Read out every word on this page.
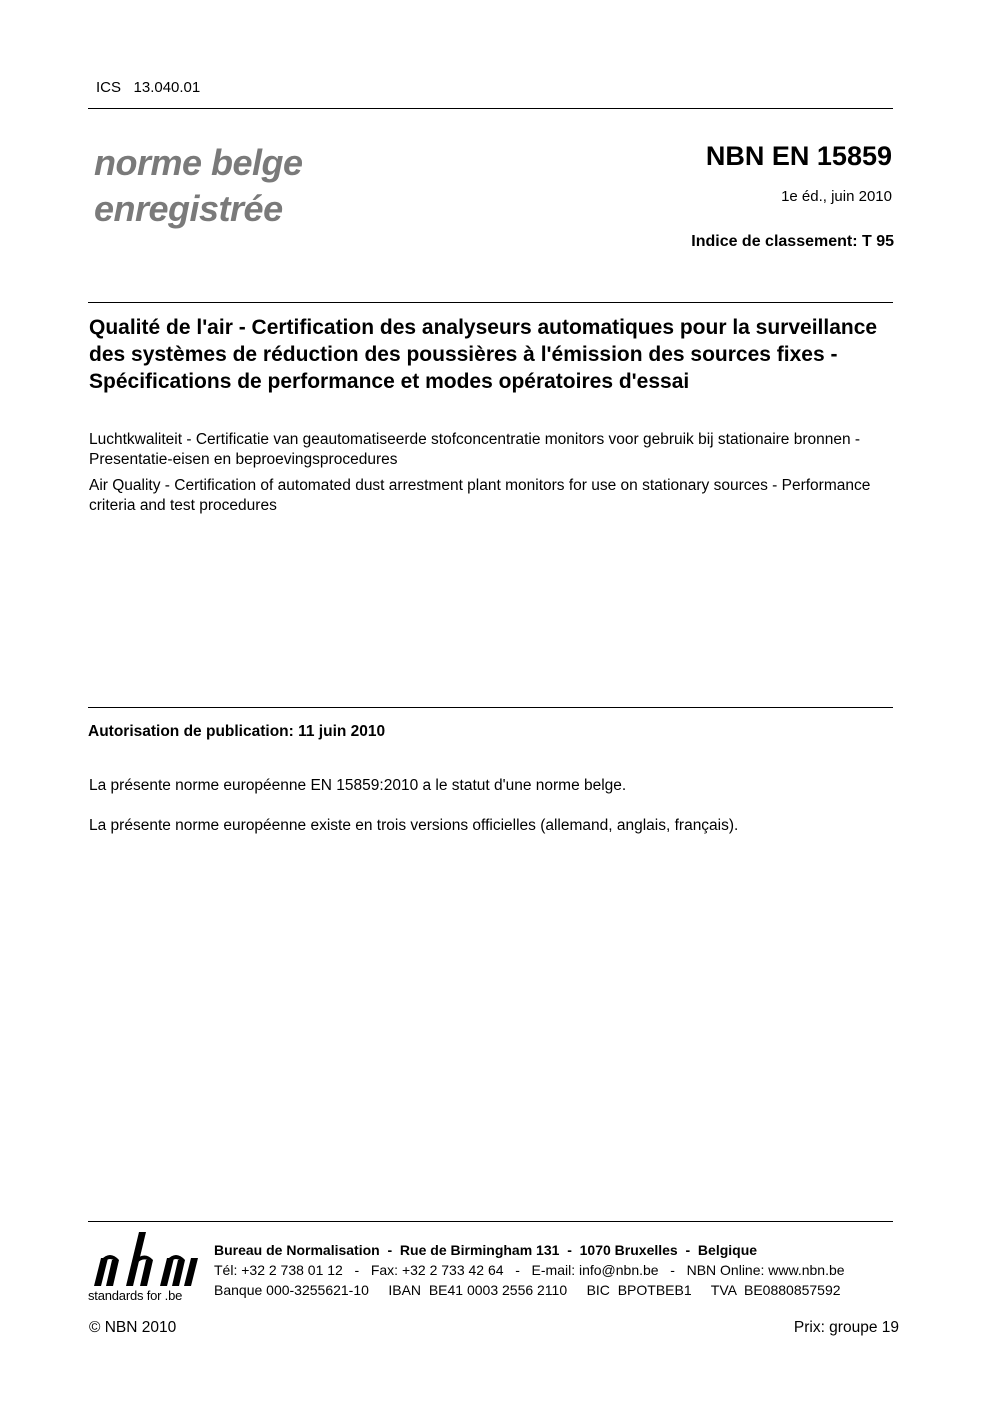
ICS   13.040.01
norme belge
enregistrée
NBN EN 15859
1e éd., juin 2010
Indice de classement: T 95
Qualité de l'air - Certification des analyseurs automatiques pour la surveillance des systèmes de réduction des poussières à l'émission des sources fixes - Spécifications de performance et modes opératoires d'essai
Luchtkwaliteit - Certificatie van geautomatiseerde stofconcentratie monitors voor gebruik bij stationaire bronnen - Presentatie-eisen en beproevingsprocedures
Air Quality - Certification of automated dust arrestment plant monitors for use on stationary sources - Performance criteria and test procedures
Autorisation de publication: 11 juin 2010
La présente norme européenne EN 15859:2010 a le statut d'une norme belge.
La présente norme européenne existe en trois versions officielles (allemand, anglais, français).
standards for .be
Bureau de Normalisation  -  Rue de Birmingham 131  -  1070 Bruxelles  -  Belgique
Tél: +32 2 738 01 12   -   Fax: +32 2 733 42 64   -   E-mail: info@nbn.be   -   NBN Online: www.nbn.be
Banque 000-3255621-10     IBAN  BE41 0003 2556 2110     BIC  BPOTBEB1     TVA  BE0880857592
© NBN 2010	Prix: groupe 19
